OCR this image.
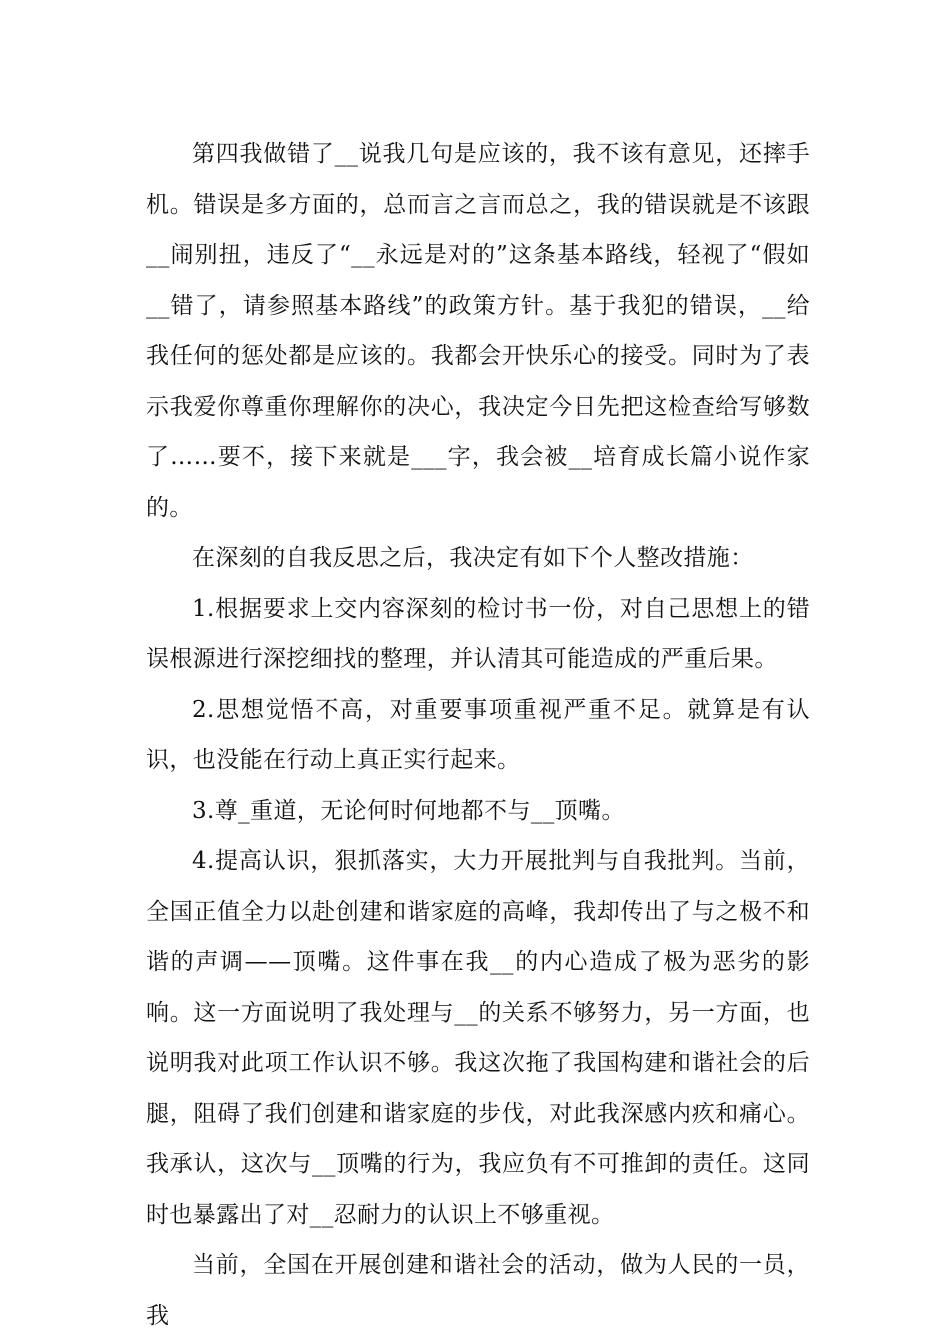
第四我做错了__说我几句是应该的，我不该有意见，还摔手机。错误是多方面的，总而言之言而总之，我的错误就是不该跟__闹别扭，违反了“__永远是对的”这条基本路线，轻视了“假如__错了，请参照基本路线”的政策方针。基于我犯的错误，__给我任何的惩处都是应该的。我都会开快乐心的接受。同时为了表示我爱你尊重你理解你的决心，我决定今日先把这检查给写够数了……要不，接下来就是___字，我会被__培育成长篇小说作家的。

在深刻的自我反思之后，我决定有如下个人整改措施：

1.根据要求上交内容深刻的检讨书一份，对自己思想上的错误根源进行深挖细找的整理，并认清其可能造成的严重后果。

2.思想觉悟不高，对重要事项重视严重不足。就算是有认识，也没能在行动上真正实行起来。

3.尊_重道，无论何时何地都不与__顶嘴。

4.提高认识，狠抓落实，大力开展批判与自我批判。当前，全国正值全力以赴创建和谐家庭的高峰，我却传出了与之极不和谐的声调——顶嘴。这件事在我__的内心造成了极为恶劣的影响。这一方面说明了我处理与__的关系不够努力，另一方面，也说明我对此项工作认识不够。我这次拖了我国构建和谐社会的后腿，阻碍了我们创建和谐家庭的步伐，对此我深感内疚和痛心。我承认，这次与__顶嘴的行为，我应负有不可推卸的责任。这同时也暴露出了对__忍耐力的认识上不够重视。

当前，全国在开展创建和谐社会的活动，做为人民的一员，我
